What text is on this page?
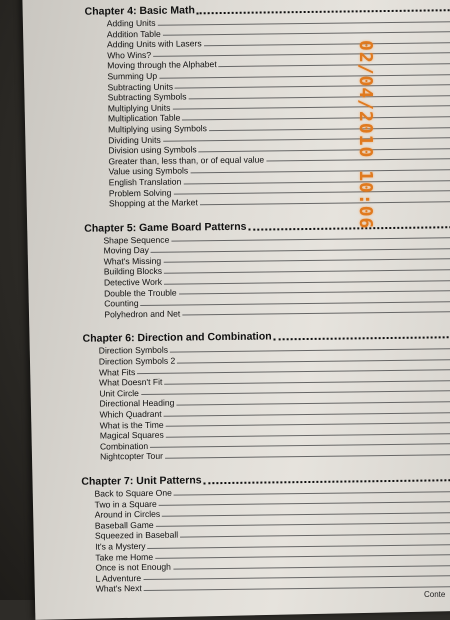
Chapter 4: Basic Math
Adding Units
Addition Table
Adding Units with Lasers
Who Wins?
Moving through the Alphabet
Summing Up
Subtracting Units
Subtracting Symbols
Multiplying Units
Multiplication Table
Multiplying using Symbols
Dividing Units
Division using Symbols
Greater than, less than, or of equal value
Value using Symbols
English Translation
Problem Solving
Shopping at the Market
Chapter 5: Game Board Patterns
Shape Sequence
Moving Day
What's Missing
Building Blocks
Detective Work
Double the Trouble
Counting
Polyhedron and Net
Chapter 6: Direction and Combination
Direction Symbols
Direction Symbols 2
What Fits
What Doesn't Fit
Unit Circle
Directional Heading
Which Quadrant
What is the Time
Magical Squares
Combination
Nightcopter Tour
Chapter 7: Unit Patterns
Back to Square One
Two in a Square
Around in Circles
Baseball Game
Squeezed in Baseball
It's a Mystery
Take me Home
Once is not Enough
L Adventure
What's Next
02/04/2010 10:06
Conte
